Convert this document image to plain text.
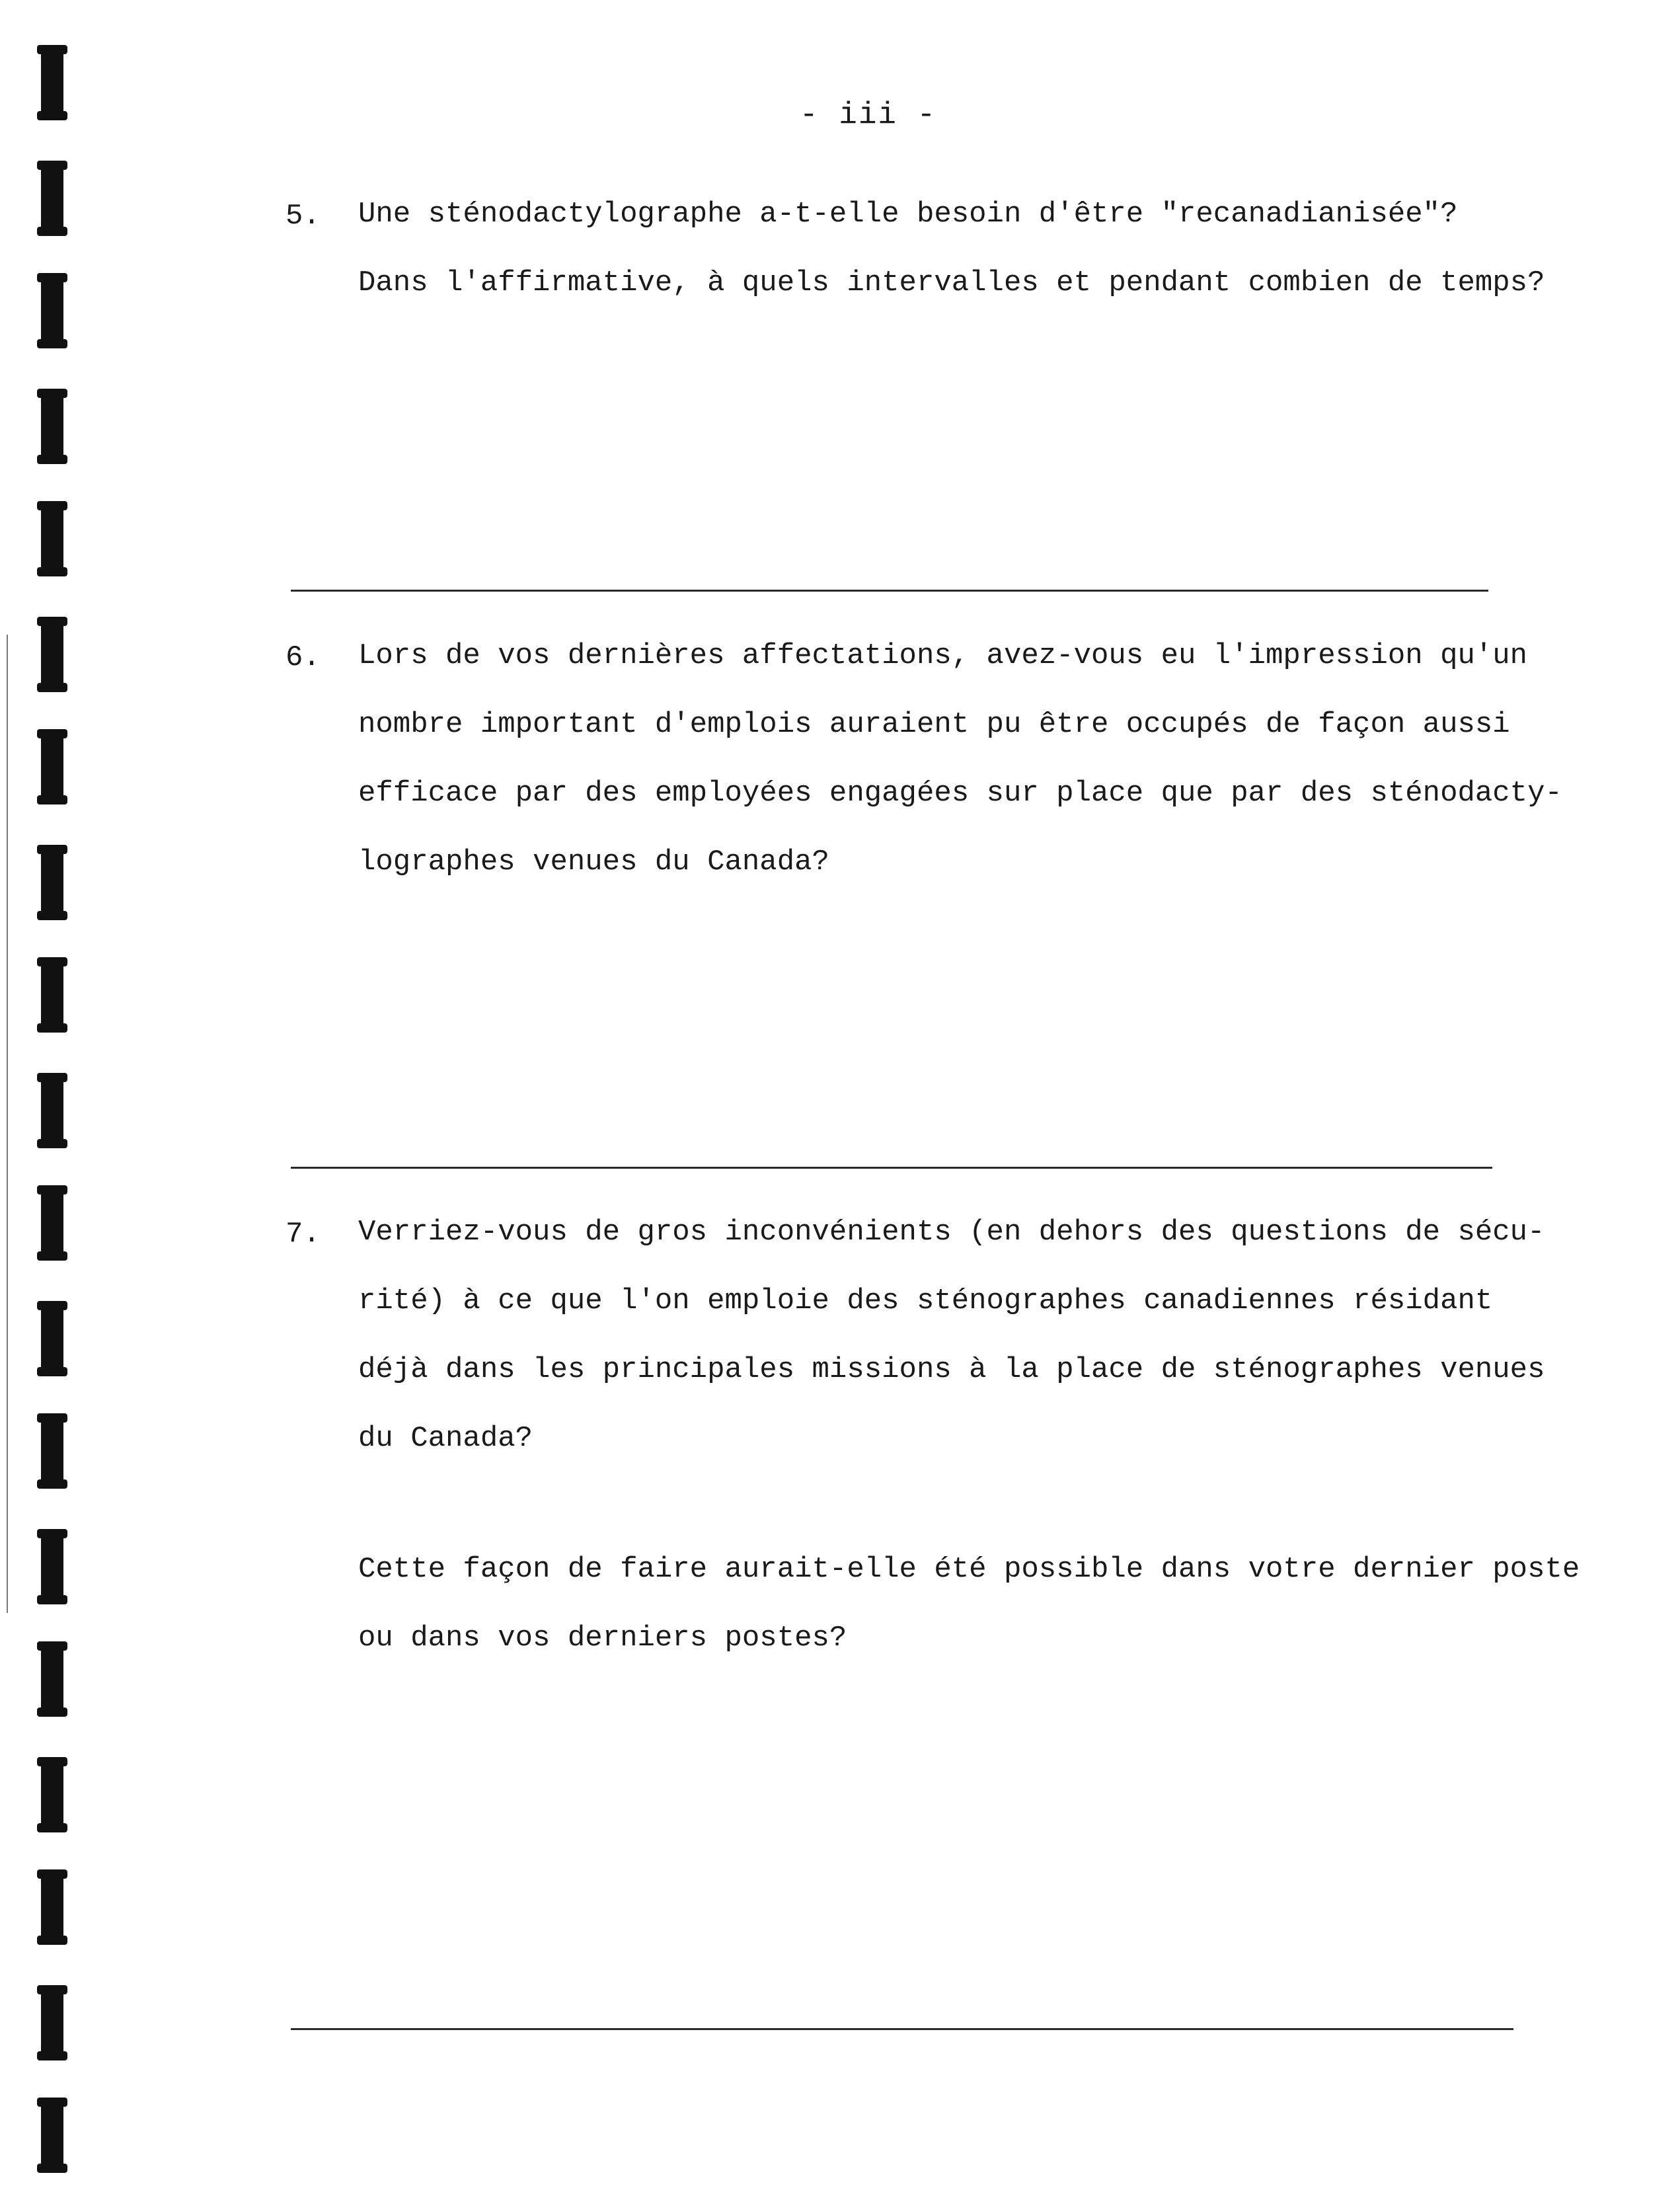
- iii -
5. Une sténodactylographe a-t-elle besoin d'être "recanadianisée"?
Dans l'affirmative, à quels intervalles et pendant combien de temps?
6. Lors de vos dernières affectations, avez-vous eu l'impression qu'un
nombre important d'emplois auraient pu être occupés de façon aussi
efficace par des employées engagées sur place que par des sténodacty-
lographes venues du Canada?
7. Verriez-vous de gros inconvénients (en dehors des questions de sécu-
rité) à ce que l'on emploie des sténographes canadiennes résidant
déjà dans les principales missions à la place de sténographes venues
du Canada?
Cette façon de faire aurait-elle été possible dans votre dernier poste
ou dans vos derniers postes?
